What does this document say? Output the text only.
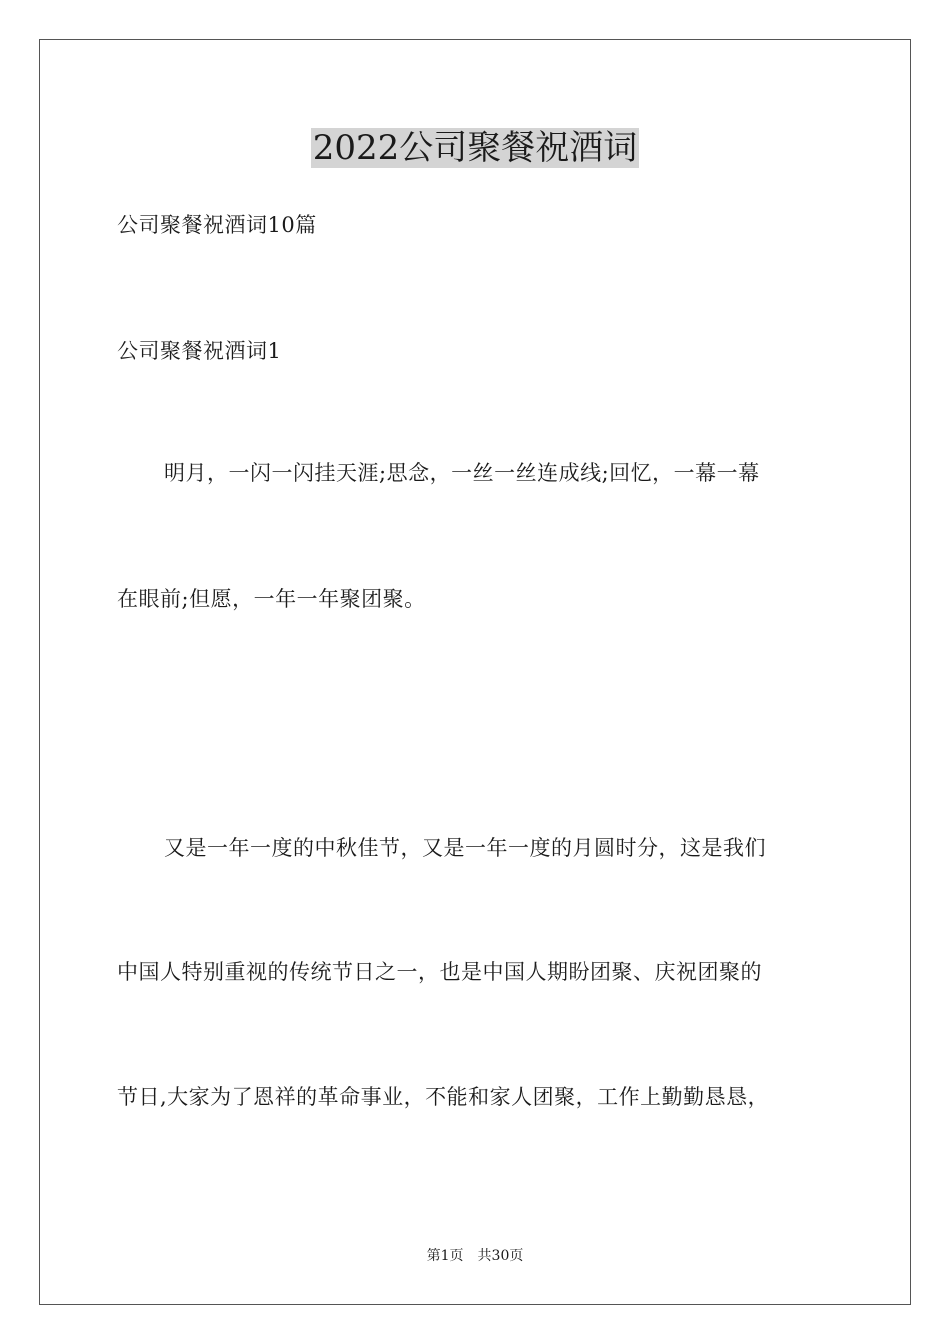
2022公司聚餐祝酒词
公司聚餐祝酒词10篇
公司聚餐祝酒词1
明月，一闪一闪挂天涯;思念，一丝一丝连成线;回忆，一幕一幕
在眼前;但愿，一年一年聚团聚。
又是一年一度的中秋佳节，又是一年一度的月圆时分，这是我们
中国人特别重视的传统节日之一，也是中国人期盼团聚、庆祝团聚的
节日,大家为了恩祥的革命事业，不能和家人团聚，工作上勤勤恳恳，
第1页　共30页
